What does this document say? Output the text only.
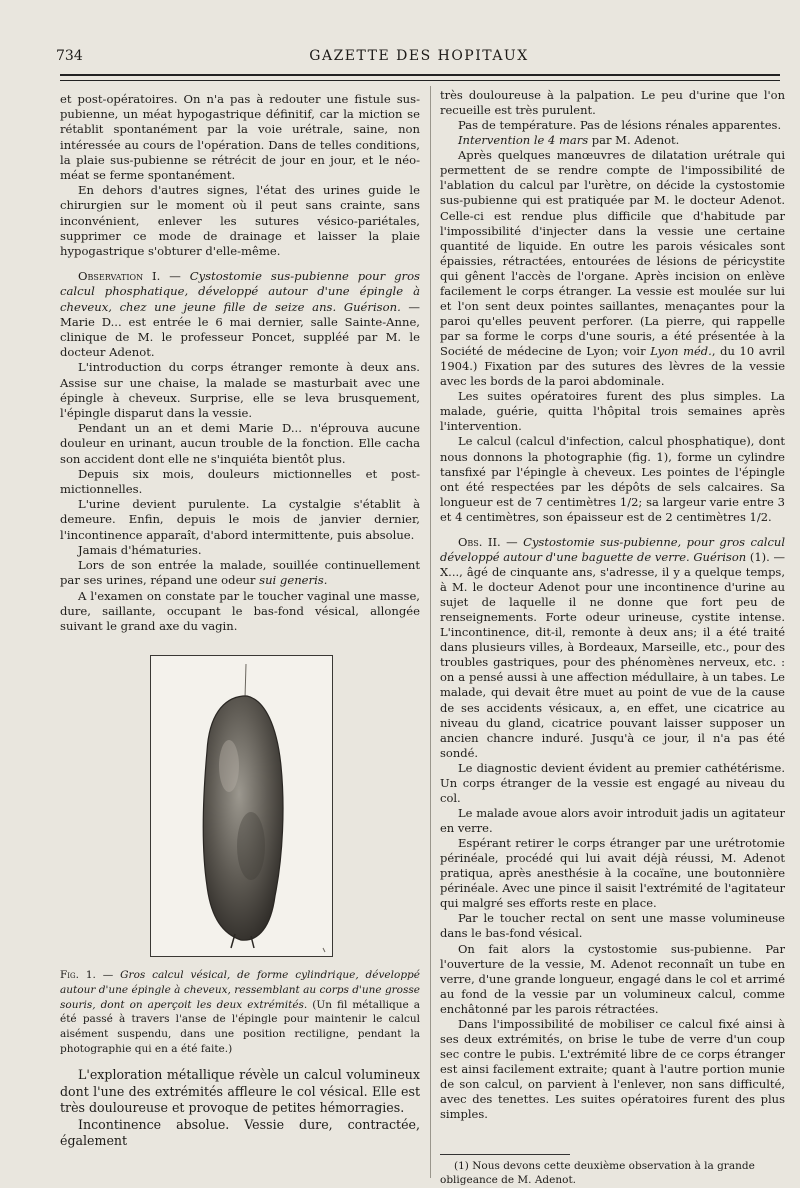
734	GAZETTE DES HOPITAUX

et post-opératoires. On n'a pas à redouter une fistule sus-pubienne, un méat hypogastrique définitif, car la miction se rétablit spontanément par la voie urétrale, saine, non intéressée au cours de l'opération. Dans de telles conditions, la plaie sus-pubienne se rétrécit de jour en jour, et le néo-méat se ferme spontanément.

En dehors d'autres signes, l'état des urines guide le chirurgien sur le moment où il peut sans crainte, sans inconvénient, enlever les sutures vésico-pariétales, supprimer ce mode de drainage et laisser la plaie hypogastrique s'obturer d'elle-même.

Observation I. — Cystostomie sus-pubienne pour gros calcul phosphatique, développé autour d'une épingle à cheveux, chez une jeune fille de seize ans. Guérison. — Marie D... est entrée le 6 mai dernier, salle Sainte-Anne, clinique de M. le professeur Poncet, suppléé par M. le docteur Adenot.

L'introduction du corps étranger remonte à deux ans. Assise sur une chaise, la malade se masturbait avec une épingle à cheveux. Surprise, elle se leva brusquement, l'épingle disparut dans la vessie.

Pendant un an et demi Marie D... n'éprouva aucune douleur en urinant, aucun trouble de la fonction. Elle cacha son accident dont elle ne s'inquiéta bientôt plus.

Depuis six mois, douleurs mictionnelles et post-mictionnelles.

L'urine devient purulente. La cystalgie s'établit à demeure. Enfin, depuis le mois de janvier dernier, l'incontinence apparaît, d'abord intermittente, puis absolue.

Jamais d'hématuries.

Lors de son entrée la malade, souillée continuellement par ses urines, répand une odeur sui generis.

A l'examen on constate par le toucher vaginal une masse, dure, saillante, occupant le bas-fond vésical, allongée suivant le grand axe du vagin.

Fig. 1. — Gros calcul vésical, de forme cylindrique, développé autour d'une épingle à cheveux, ressemblant au corps d'une grosse souris, dont on aperçoit les deux extrémités. (Un fil métallique a été passé à travers l'anse de l'épingle pour maintenir le calcul aisément suspendu, dans une position rectiligne, pendant la photographie qui en a été faite.)

L'exploration métallique révèle un calcul volumineux dont l'une des extrémités affleure le col vésical. Elle est très douloureuse et provoque de petites hémorragies.

Incontinence absolue. Vessie dure, contractée, également

très douloureuse à la palpation. Le peu d'urine que l'on recueille est très purulent.

Pas de température. Pas de lésions rénales apparentes.

Intervention le 4 mars par M. Adenot.

Après quelques manœuvres de dilatation urétrale qui permettent de se rendre compte de l'impossibilité de l'ablation du calcul par l'urètre, on décide la cystostomie sus-pubienne qui est pratiquée par M. le docteur Adenot. Celle-ci est rendue plus difficile que d'habitude par l'impossibilité d'injecter dans la vessie une certaine quantité de liquide. En outre les parois vésicales sont épaissies, rétractées, entourées de lésions de péricystite qui gênent l'accès de l'organe. Après incision on enlève facilement le corps étranger. La vessie est moulée sur lui et l'on sent deux pointes saillantes, menaçantes pour la paroi qu'elles peuvent perforer. (La pierre, qui rappelle par sa forme le corps d'une souris, a été présentée à la Société de médecine de Lyon; voir Lyon méd., du 10 avril 1904.) Fixation par des sutures des lèvres de la vessie avec les bords de la paroi abdominale.

Les suites opératoires furent des plus simples. La malade, guérie, quitta l'hôpital trois semaines après l'intervention.

Le calcul (calcul d'infection, calcul phosphatique), dont nous donnons la photographie (fig. 1), forme un cylindre tansfixé par l'épingle à cheveux. Les pointes de l'épingle ont été respectées par les dépôts de sels calcaires. Sa longueur est de 7 centimètres 1/2; sa largeur varie entre 3 et 4 centimètres, son épaisseur est de 2 centimètres 1/2.

Obs. II. — Cystostomie sus-pubienne, pour gros calcul développé autour d'une baguette de verre. Guérison (1). — X..., âgé de cinquante ans, s'adresse, il y a quelque temps, à M. le docteur Adenot pour une incontinence d'urine au sujet de laquelle il ne donne que fort peu de renseignements. Forte odeur urineuse, cystite intense. L'incontinence, dit-il, remonte à deux ans; il a été traité dans plusieurs villes, à Bordeaux, Marseille, etc., pour des troubles gastriques, pour des phénomènes nerveux, etc. : on a pensé aussi à une affection médullaire, à un tabes. Le malade, qui devait être muet au point de vue de la cause de ses accidents vésicaux, a, en effet, une cicatrice au niveau du gland, cicatrice pouvant laisser supposer un ancien chancre induré. Jusqu'à ce jour, il n'a pas été sondé.

Le diagnostic devient évident au premier cathétérisme. Un corps étranger de la vessie est engagé au niveau du col.

Le malade avoue alors avoir introduit jadis un agitateur en verre.

Espérant retirer le corps étranger par une urétrotomie périnéale, procédé qui lui avait déjà réussi, M. Adenot pratiqua, après anesthésie à la cocaïne, une boutonnière périnéale. Avec une pince il saisit l'extrémité de l'agitateur qui malgré ses efforts reste en place.

Par le toucher rectal on sent une masse volumineuse dans le bas-fond vésical.

On fait alors la cystostomie sus-pubienne. Par l'ouverture de la vessie, M. Adenot reconnaît un tube en verre, d'une grande longueur, engagé dans le col et arrimé au fond de la vessie par un volumineux calcul, comme enchâtonné par les parois rétractées.

Dans l'impossibilité de mobiliser ce calcul fixé ainsi à ses deux extrémités, on brise le tube de verre d'un coup sec contre le pubis. L'extrémité libre de ce corps étranger est ainsi facilement extraite; quant à l'autre portion munie de son calcul, on parvient à l'enlever, non sans difficulté, avec des tenettes. Les suites opératoires furent des plus simples.

(1) Nous devons cette deuxième observation à la grande obligeance de M. Adenot.
